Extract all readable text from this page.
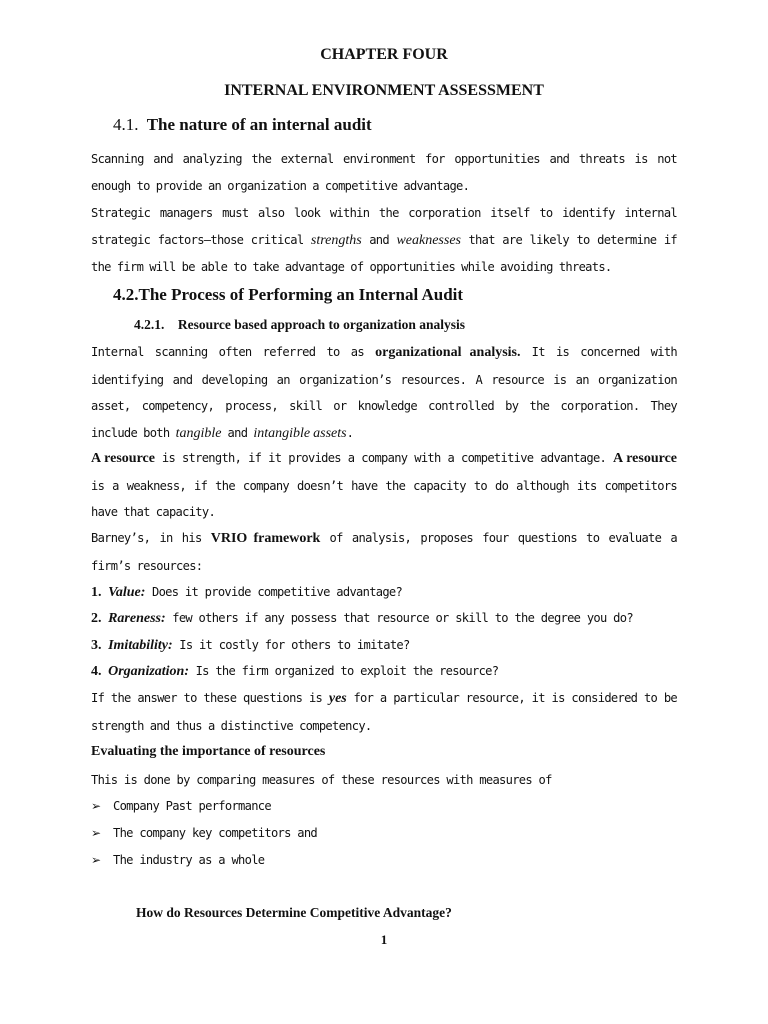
CHAPTER FOUR

INTERNAL ENVIRONMENT ASSESSMENT

4.1. The nature of an internal audit

Scanning and analyzing the external environment for opportunities and threats is not enough to provide an organization a competitive advantage.

Strategic managers must also look within the corporation itself to identify internal strategic factors—those critical strengths and weaknesses that are likely to determine if the firm will be able to take advantage of opportunities while avoiding threats.

4.2.The Process of Performing an Internal Audit

4.2.1. Resource based approach to organization analysis

Internal scanning often referred to as organizational analysis. It is concerned with identifying and developing an organization’s resources. A resource is an organization asset, competency, process, skill or knowledge controlled by the corporation. They include both tangible and intangible assets.

A resource is strength, if it provides a company with a competitive advantage. A resource is a weakness, if the company doesn’t have the capacity to do although its competitors have that capacity.

Barney’s, in his VRIO framework of analysis, proposes four questions to evaluate a firm’s resources:

1. Value: Does it provide competitive advantage?

2. Rareness: few others if any possess that resource or skill to the degree you do?

3. Imitability: Is it costly for others to imitate?

4. Organization: Is the firm organized to exploit the resource?

If the answer to these questions is yes for a particular resource, it is considered to be strength and thus a distinctive competency.

Evaluating the importance of resources

This is done by comparing measures of these resources with measures of

➢ Company Past performance

➢ The company key competitors and

➢ The industry as a whole

How do Resources Determine Competitive Advantage?

1
